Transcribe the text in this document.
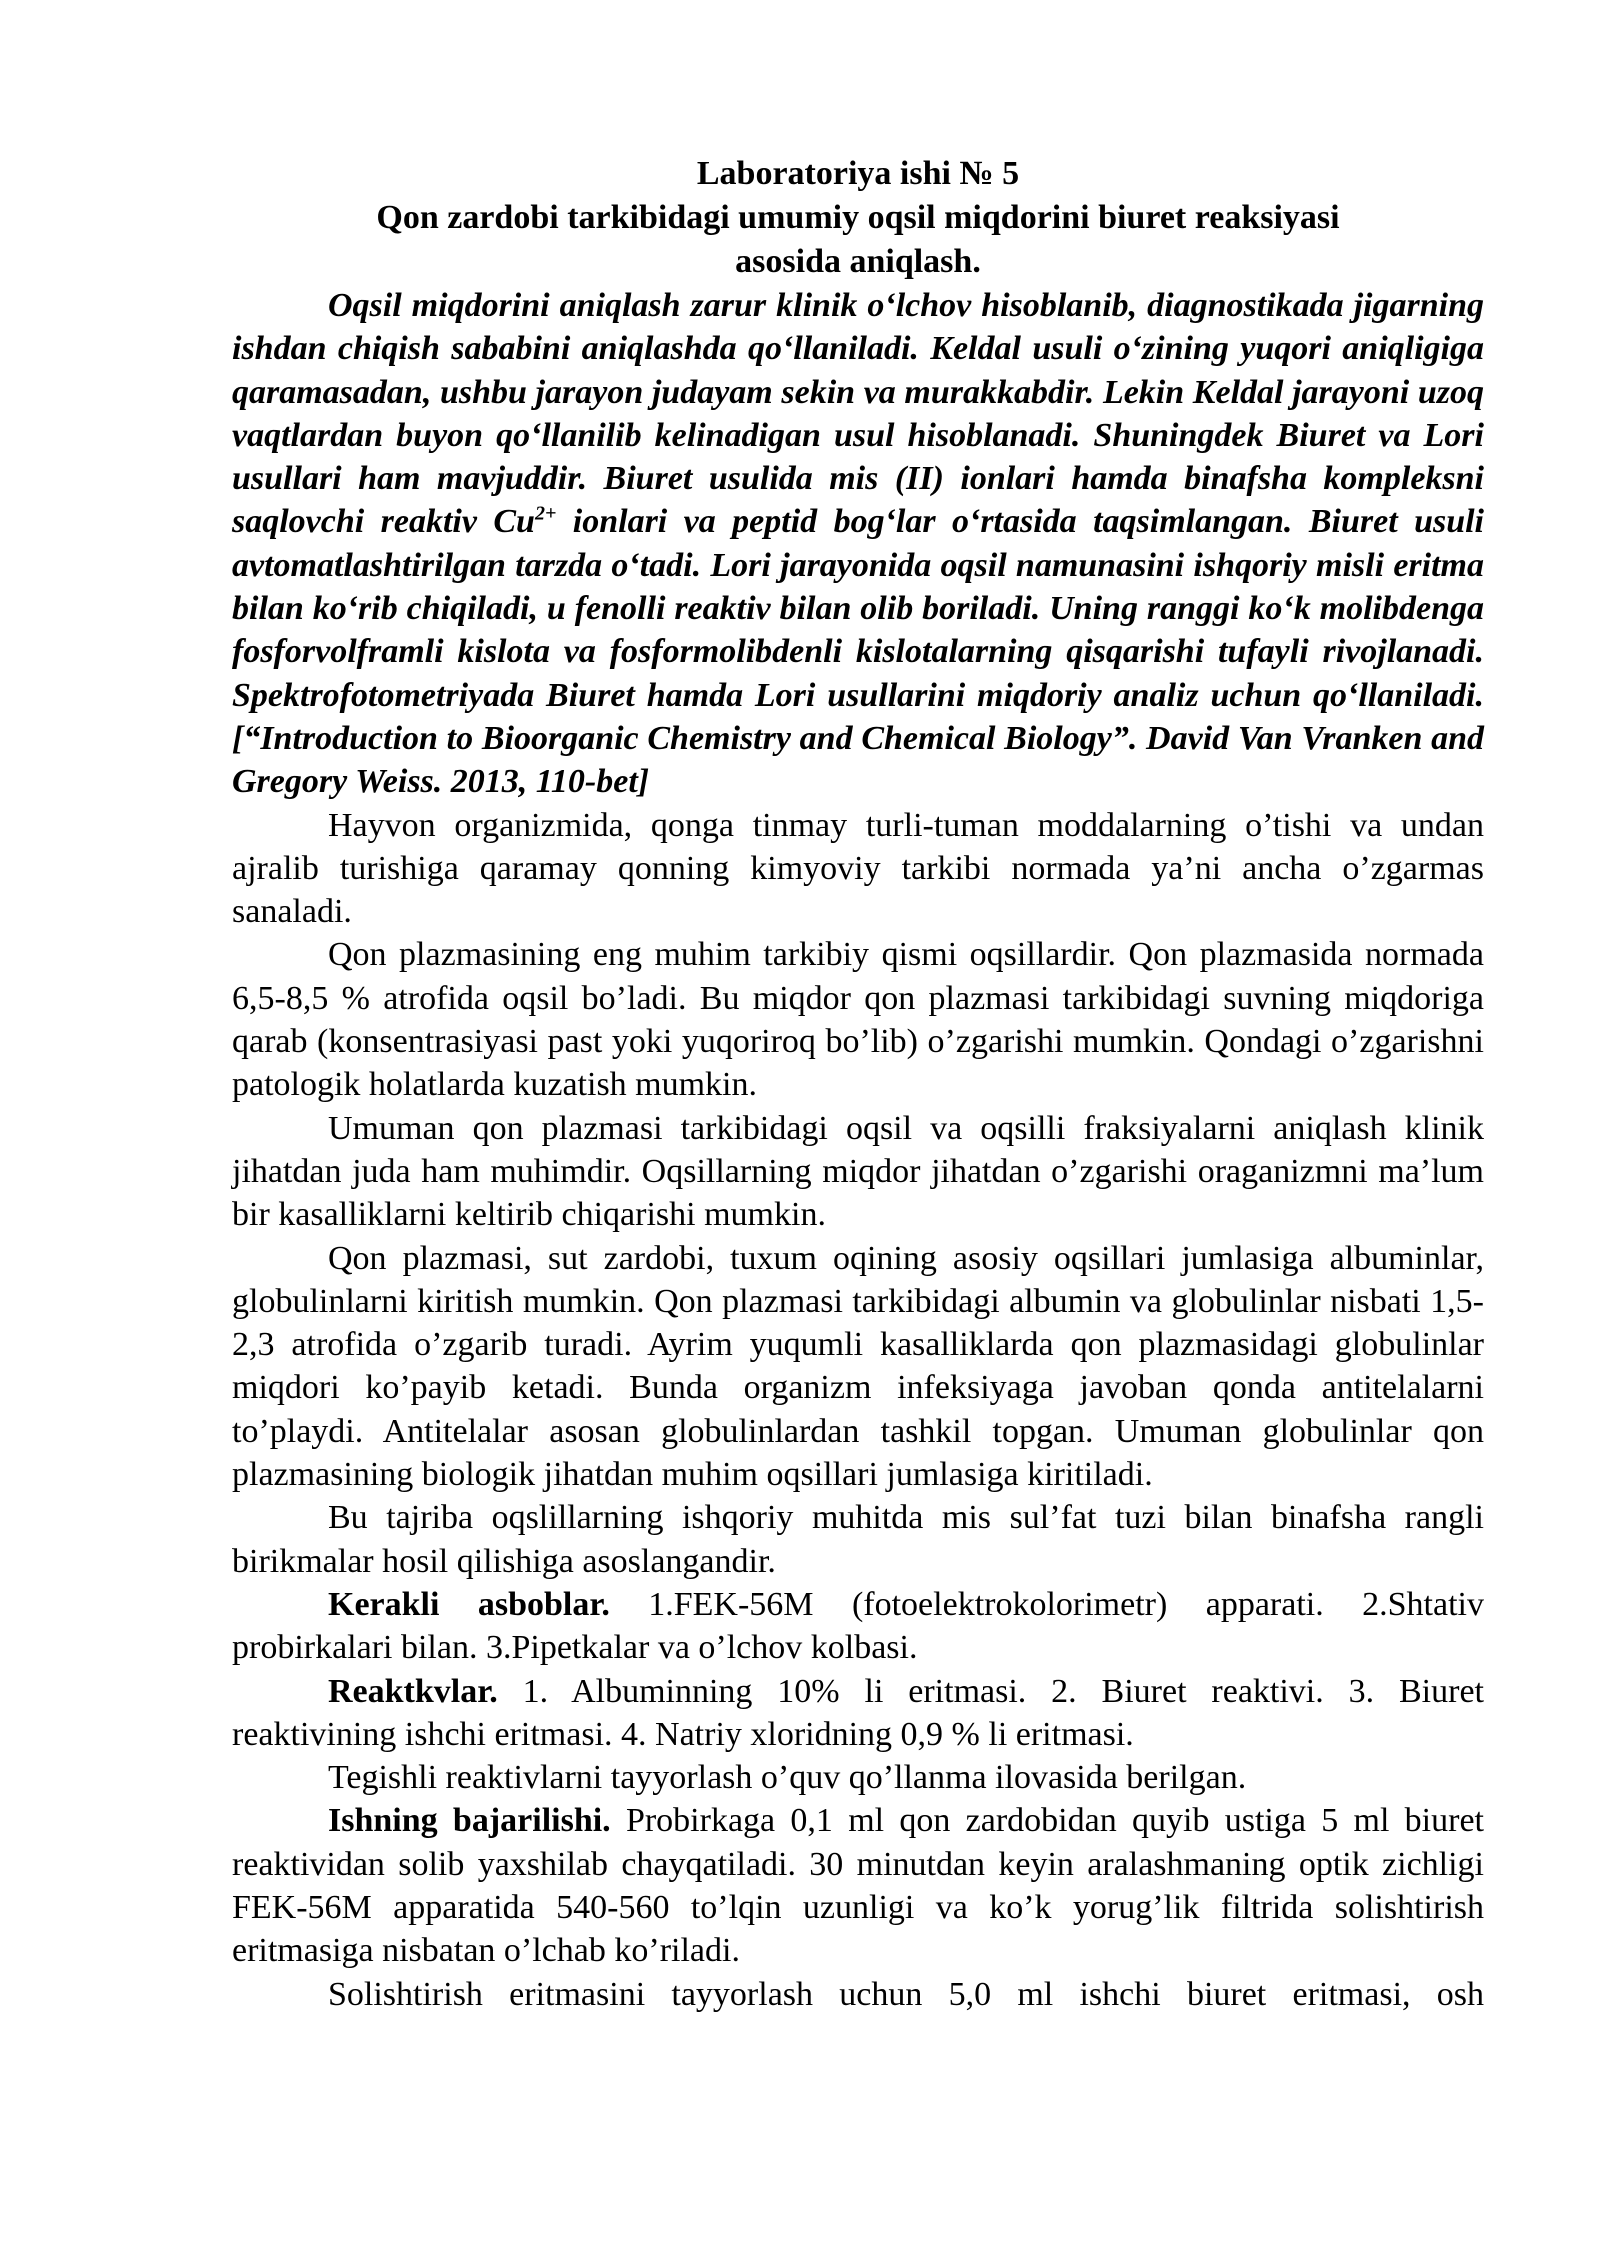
Laboratoriya ishi № 5
Qon zardobi tarkibidagi umumiy oqsil miqdorini biuret reaksiyasi
asosida aniqlash.

Oqsil miqdorini aniqlash zarur klinik o‘lchov hisoblanib, diagnostikada jigarning ishdan chiqish sababini aniqlashda qo‘llaniladi. Keldal usuli o‘zining yuqori aniqligiga qaramasadan, ushbu jarayon judayam sekin va murakkabdir. Lekin Keldal jarayoni uzoq vaqtlardan buyon qo‘llanilib kelinadigan usul hisoblanadi. Shuningdek Biuret va Lori usullari ham mavjuddir. Biuret usulida mis (II) ionlari hamda binafsha kompleksni saqlovchi reaktiv $Cu^{2+}$ ionlari va peptid bog‘lar o‘rtasida taqsimlangan. Biuret usuli avtomatlashtirilgan tarzda o‘tadi. Lori jarayonida oqsil namunasini ishqoriy misli eritma bilan ko‘rib chiqiladi, u fenolli reaktiv bilan olib boriladi. Uning ranggi ko‘k molibdenga fosforvolframli kislota va fosformolibdenli kislotalarning qisqarishi tufayli rivojlanadi. Spektrofotometriyada Biuret hamda Lori usullarini miqdoriy analiz uchun qo‘llaniladi. [“Introduction to Bioorganic Chemistry and Chemical Biology”. David Van Vranken and Gregory Weiss. 2013, 110-bet]

Hayvon organizmida, qonga tinmay turli-tuman moddalarning o’tishi va undan ajralib turishiga qaramay qonning kimyoviy tarkibi normada ya’ni ancha o’zgarmas sanaladi.

Qon plazmasining eng muhim tarkibiy qismi oqsillardir. Qon plazmasida normada 6,5-8,5 % atrofida oqsil bo’ladi. Bu miqdor qon plazmasi tarkibidagi suvning miqdoriga qarab (konsentrasiyasi past yoki yuqoriroq bo’lib) o’zgarishi mumkin. Qondagi o’zgarishni patologik holatlarda kuzatish mumkin.

Umuman qon plazmasi tarkibidagi oqsil va oqsilli fraksiyalarni aniqlash klinik jihatdan juda ham muhimdir. Oqsillarning miqdor jihatdan o’zgarishi oraganizmni ma’lum bir kasalliklarni keltirib chiqarishi mumkin.

Qon plazmasi, sut zardobi, tuxum oqining asosiy oqsillari jumlasiga albuminlar, globulinlarni kiritish mumkin. Qon plazmasi tarkibidagi albumin va globulinlar nisbati 1,5-2,3 atrofida o’zgarib turadi. Ayrim yuqumli kasalliklarda qon plazmasidagi globulinlar miqdori ko’payib ketadi. Bunda organizm infeksiyaga javoban qonda antitelalarni to’playdi. Antitelalar asosan globulinlardan tashkil topgan. Umuman globulinlar qon plazmasining biologik jihatdan muhim oqsillari jumlasiga kiritiladi.

Bu tajriba oqslillarning ishqoriy muhitda mis sul’fat tuzi bilan binafsha rangli birikmalar hosil qilishiga asoslangandir.

Kerakli asboblar. 1.FEK-56M (fotoelektrokolorimetr) apparati. 2.Shtativ probirkalari bilan. 3.Pipetkalar va o’lchov kolbasi.

Reaktkvlar. 1. Albuminning 10% li eritmasi. 2. Biuret reaktivi. 3. Biuret reaktivining ishchi eritmasi. 4. Natriy xloridning 0,9 % li eritmasi.

Tegishli reaktivlarni tayyorlash o’quv qo’llanma ilovasida berilgan.

Ishning bajarilishi. Probirkaga 0,1 ml qon zardobidan quyib ustiga 5 ml biuret reaktividan solib yaxshilab chayqatiladi. 30 minutdan keyin aralashmaning optik zichligi FEK-56M apparatida 540-560 to’lqin uzunligi va ko’k yorug’lik filtrida solishtirish eritmasiga nisbatan o’lchab ko’riladi.

Solishtirish eritmasini tayyorlash uchun 5,0 ml ishchi biuret eritmasi, osh
